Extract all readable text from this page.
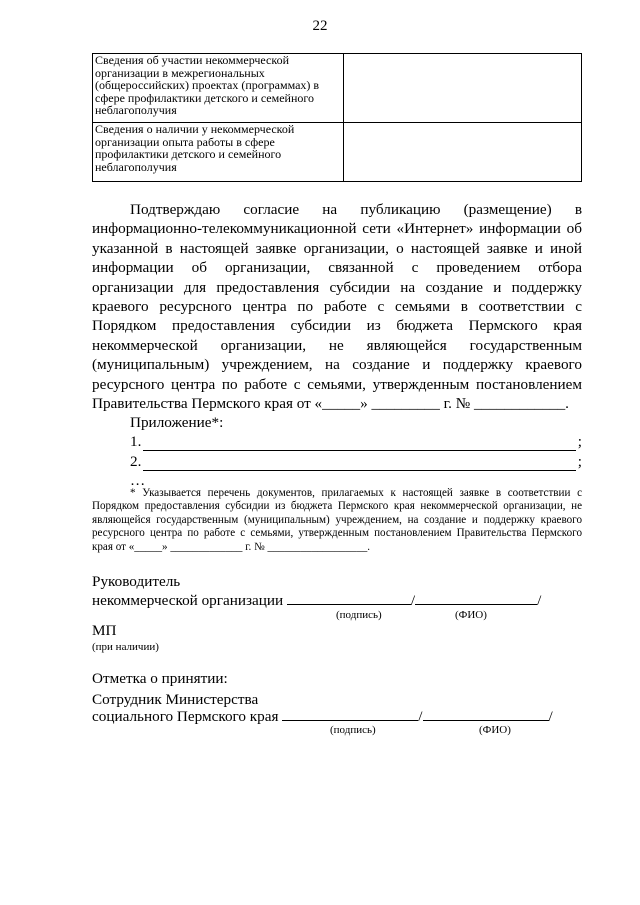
22
Сведения об участии некоммерческой организации в межрегиональных (общероссийских) проектах (программах) в сфере профилактики детского и семейного неблагополучия	
Сведения о наличии у некоммерческой организации опыта работы в сфере профилактики детского и семейного неблагополучия	
Подтверждаю согласие на публикацию (размещение) в информационно-телекоммуникационной сети «Интернет» информации об указанной в настоящей заявке организации, о настоящей заявке и иной информации об организации, связанной с проведением отбора организации для предоставления субсидии на создание и поддержку краевого ресурсного центра по работе с семьями в соответствии с Порядком предоставления субсидии из бюджета Пермского края некоммерческой организации, не являющейся государственным (муниципальным) учреждением, на создание и поддержку краевого ресурсного центра по работе с семьями, утвержденным постановлением Правительства Пермского края от «_____» _________ г. № ____________.
Приложение*:
1.	;
2.	;
…
* Указывается перечень документов, прилагаемых к настоящей заявке в соответствии с Порядком предоставления субсидии из бюджета Пермского края некоммерческой организации, не являющейся государственным (муниципальным) учреждением, на создание и поддержку краевого ресурсного центра по работе с семьями, утвержденным постановлением Правительства Пермского края от «_____» _____________ г. № __________________.
Руководитель
некоммерческой организации	/	/
(подпись)	(ФИО)
МП
(при наличии)
Отметка о принятии:
Сотрудник Министерства
социального Пермского края	/	/
(подпись)	(ФИО)
